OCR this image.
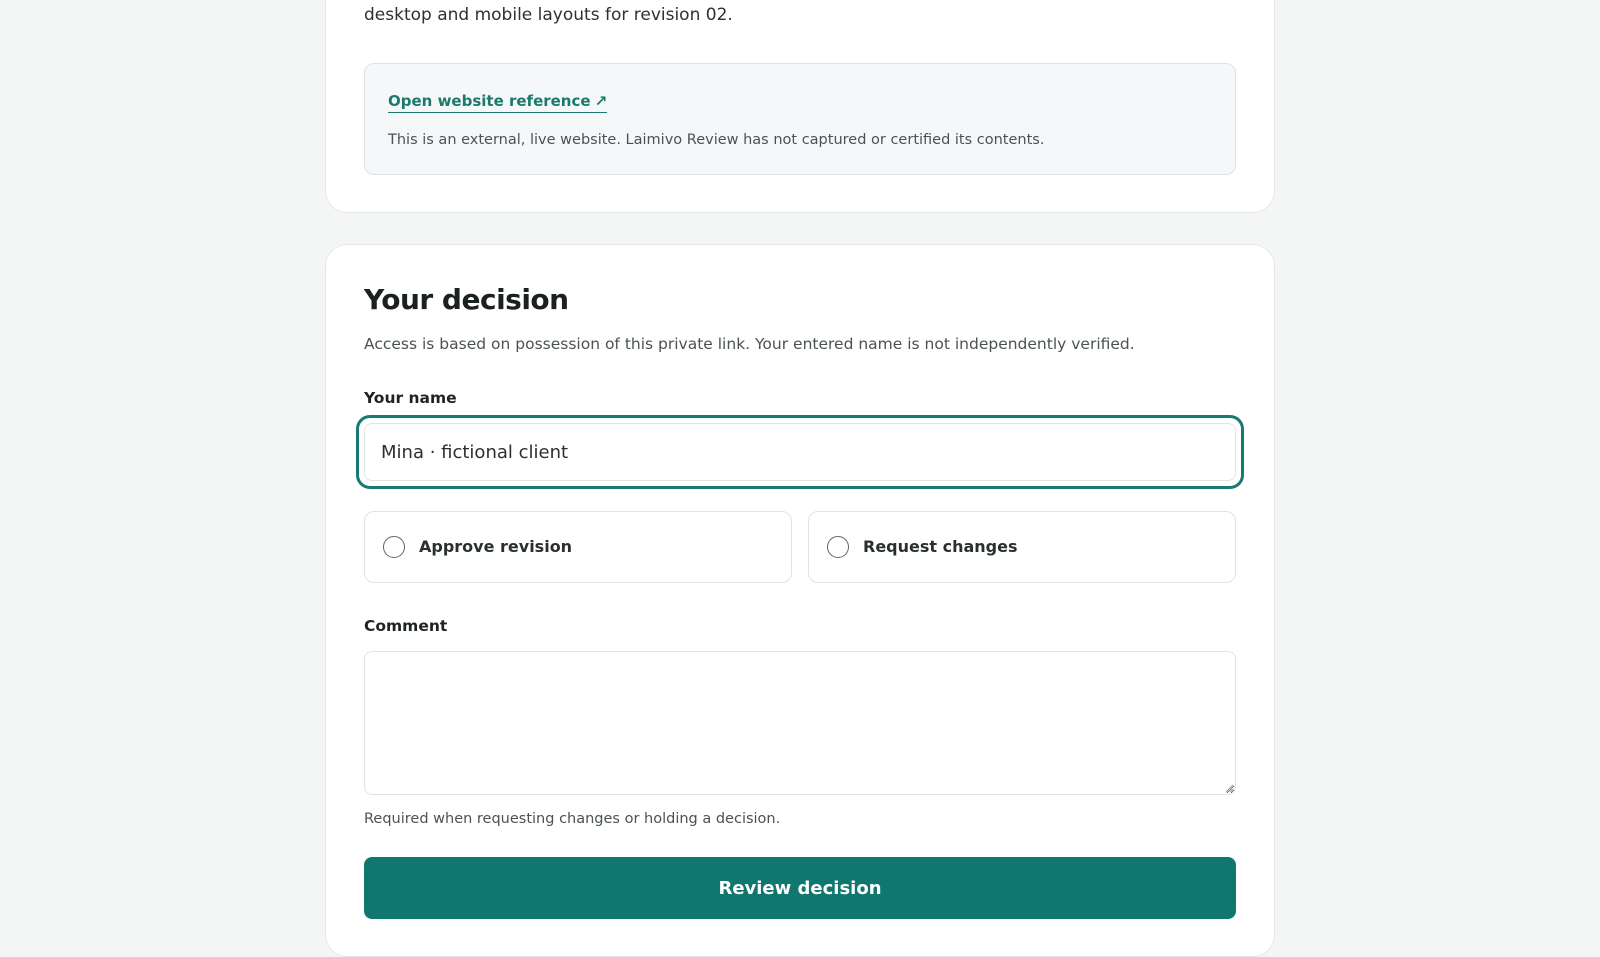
desktop and mobile layouts for revision 02.
Open website reference ↗
This is an external, live website. Laimivo Review has not captured or certified its contents.
Your decision

Access is based on possession of this private link. Your entered name is not independently verified.

Your name
Mina · fictional client
Approve revision	Request changes
Comment

Required when requesting changes or holding a decision.

Review decision
